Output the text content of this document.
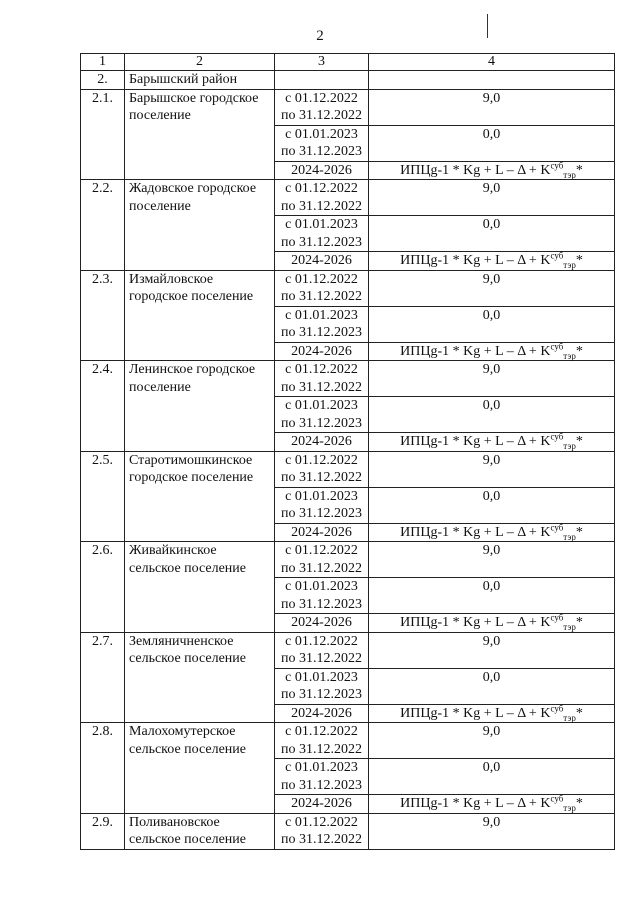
2
1	2	3	4
2.	Барышский район		
2.1.	Барышское городское поселение	с 01.12.2022 по 31.12.2022	9,0
		с 01.01.2023 по 31.12.2023	0,0
		2024-2026	ИПЦg-1 * $Kg + L - \Delta + K^{суб}_{тэр}*$
2.2.	Жадовское городское поселение	с 01.12.2022 по 31.12.2022	9,0
		с 01.01.2023 по 31.12.2023	0,0
		2024-2026	ИПЦg-1 * $Kg + L - \Delta + K^{суб}_{тэр}*$
2.3.	Измайловское городское поселение	с 01.12.2022 по 31.12.2022	9,0
		с 01.01.2023 по 31.12.2023	0,0
		2024-2026	ИПЦg-1 * $Kg + L - \Delta + K^{суб}_{тэр}*$
2.4.	Ленинское городское поселение	с 01.12.2022 по 31.12.2022	9,0
		с 01.01.2023 по 31.12.2023	0,0
		2024-2026	ИПЦg-1 * $Kg + L - \Delta + K^{суб}_{тэр}*$
2.5.	Старотимошкинское городское поселение	с 01.12.2022 по 31.12.2022	9,0
		с 01.01.2023 по 31.12.2023	0,0
		2024-2026	ИПЦg-1 * $Kg + L - \Delta + K^{суб}_{тэр}*$
2.6.	Живайкинское сельское поселение	с 01.12.2022 по 31.12.2022	9,0
		с 01.01.2023 по 31.12.2023	0,0
		2024-2026	ИПЦg-1 * $Kg + L - \Delta + K^{суб}_{тэр}*$
2.7.	Земляничненское сельское поселение	с 01.12.2022 по 31.12.2022	9,0
		с 01.01.2023 по 31.12.2023	0,0
		2024-2026	ИПЦg-1 * $Kg + L - \Delta + K^{суб}_{тэр}*$
2.8.	Малохомутерское сельское поселение	с 01.12.2022 по 31.12.2022	9,0
		с 01.01.2023 по 31.12.2023	0,0
		2024-2026	ИПЦg-1 * $Kg + L - \Delta + K^{суб}_{тэр}*$
2.9.	Поливановское сельское поселение	с 01.12.2022 по 31.12.2022	9,0
